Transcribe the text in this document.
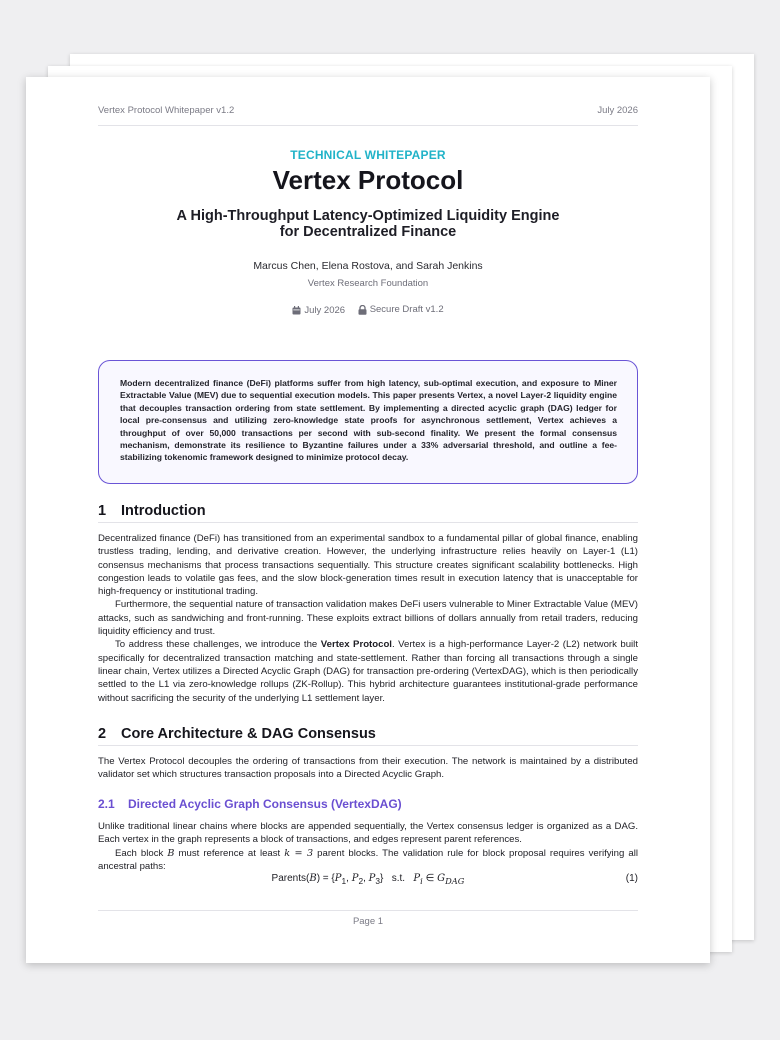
Vertex Protocol Whitepaper v1.2	July 2026
TECHNICAL WHITEPAPER
Vertex Protocol
A High-Throughput Latency-Optimized Liquidity Engine
for Decentralized Finance
Marcus Chen, Elena Rostova, and Sarah Jenkins
Vertex Research Foundation
July 2026
	Secure Draft v1.2
Modern decentralized finance (DeFi) platforms suffer from high latency, sub-optimal execution, and exposure to Miner Extractable Value (MEV) due to sequential execution models. This paper presents Vertex, a novel Layer-2 liquidity engine that decouples transaction ordering from state settlement. By implementing a directed acyclic graph (DAG) ledger for local pre-consensus and utilizing zero-knowledge state proofs for asynchronous settlement, Vertex achieves a throughput of over 50,000 transactions per second with sub-second finality. We present the formal consensus mechanism, demonstrate its resilience to Byzantine failures under a 33% adversarial threshold, and outline a fee-stabilizing tokenomic framework designed to minimize protocol decay.
1 Introduction

Decentralized finance (DeFi) has transitioned from an experimental sandbox to a fundamental pillar of global finance, enabling trustless trading, lending, and derivative creation. However, the underlying infrastructure relies heavily on Layer-1 (L1) consensus mechanisms that process transactions sequentially. This structure creates significant scalability bottlenecks. High congestion leads to volatile gas fees, and the slow block-generation times result in execution latency that is unacceptable for high-frequency or institutional trading.

Furthermore, the sequential nature of transaction validation makes DeFi users vulnerable to Miner Extractable Value (MEV) attacks, such as sandwiching and front-running. These exploits extract billions of dollars annually from retail traders, reducing liquidity efficiency and trust.

To address these challenges, we introduce the Vertex Protocol. Vertex is a high-performance Layer-2 (L2) network built specifically for decentralized transaction matching and state-settlement. Rather than forcing all transactions through a single linear chain, Vertex utilizes a Directed Acyclic Graph (DAG) for transaction pre-ordering (VertexDAG), which is then periodically settled to the L1 via zero-knowledge rollups (ZK-Rollup). This hybrid architecture guarantees institutional-grade performance without sacrificing the security of the underlying L1 settlement layer.

2 Core Architecture & DAG Consensus

The Vertex Protocol decouples the ordering of transactions from their execution. The network is maintained by a distributed validator set which structures transaction proposals into a Directed Acyclic Graph.

2.1 Directed Acyclic Graph Consensus (VertexDAG)

Unlike traditional linear chains where blocks are appended sequentially, the Vertex consensus ledger is organized as a DAG. Each vertex in the graph represents a block of transactions, and edges represent parent references.

Each block B must reference at least k = 3 parent blocks. The validation rule for block proposal requires verifying all ancestral paths:

Parents(B) = {$P_1$, $P_2$, $P_3$} s.t. $P_i$ ∈ $G_{DAG}$	(1)
Page 1
